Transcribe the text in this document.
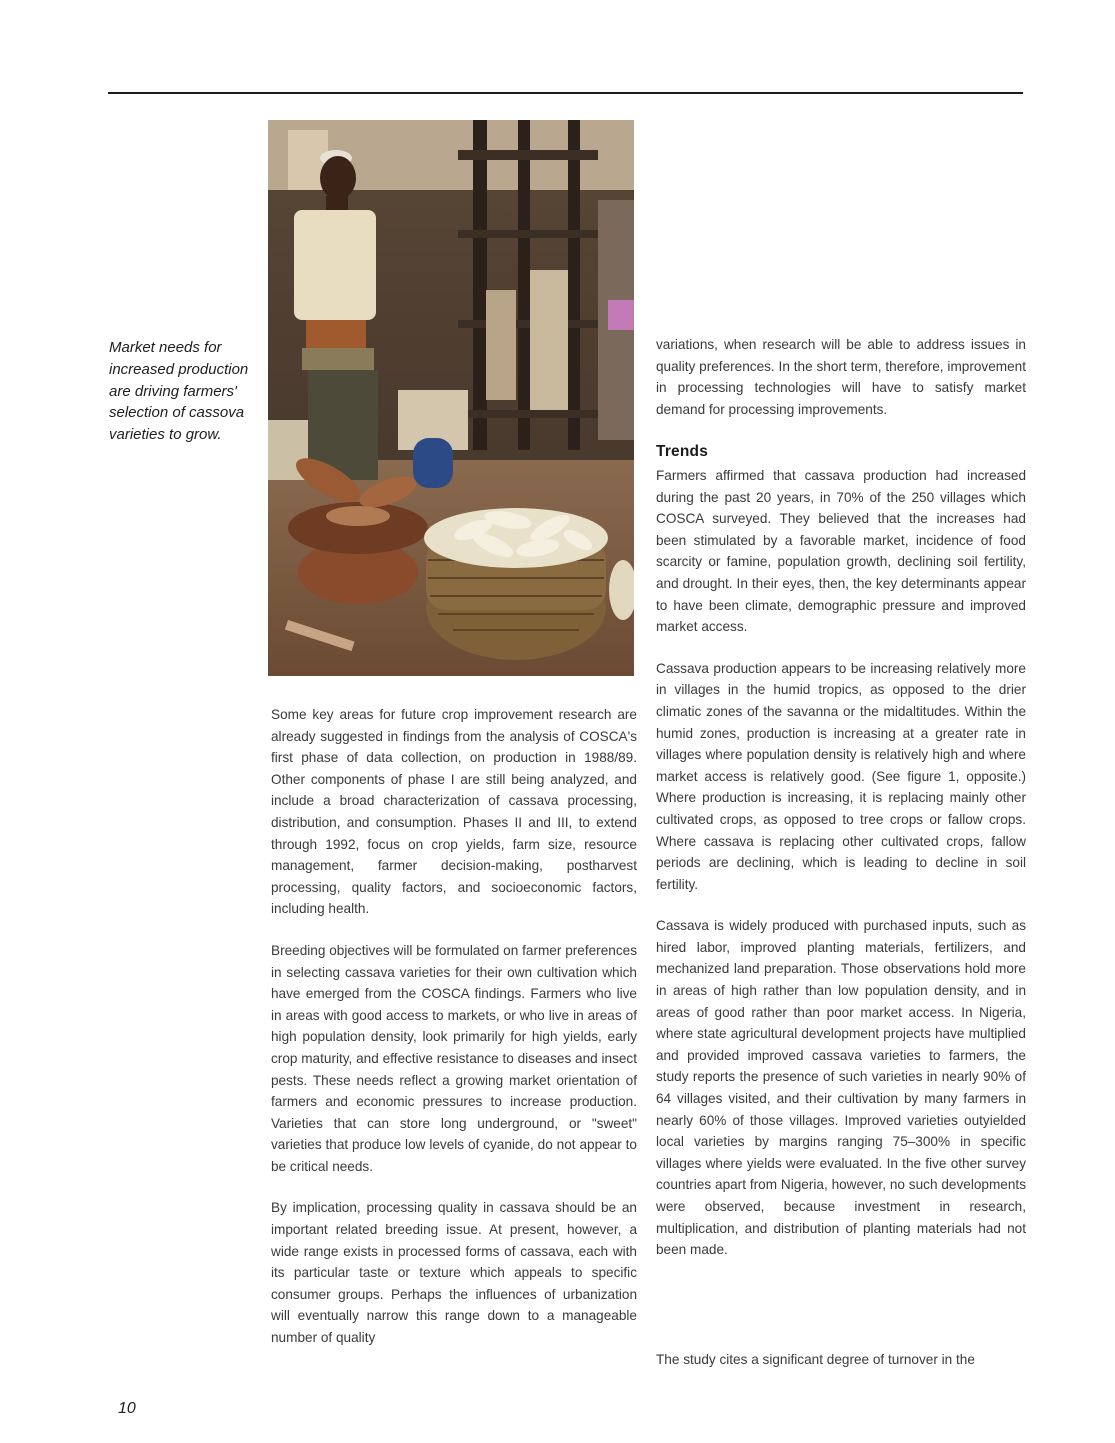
Market needs for increased production are driving farmers' selection of cassova varieties to grow.

Some key areas for future crop improvement research are already suggested in findings from the analysis of COSCA's first phase of data collection, on production in 1988/89. Other components of phase I are still being analyzed, and include a broad characterization of cassava processing, distribution, and consumption. Phases II and III, to extend through 1992, focus on crop yields, farm size, resource management, farmer decision-making, postharvest processing, quality factors, and socioeconomic factors, including health.

Breeding objectives will be formulated on farmer preferences in selecting cassava varieties for their own cultivation which have emerged from the COSCA findings. Farmers who live in areas with good access to markets, or who live in areas of high population density, look primarily for high yields, early crop maturity, and effective resistance to diseases and insect pests. These needs reflect a growing market orientation of farmers and economic pressures to increase production. Varieties that can store long underground, or "sweet" varieties that produce low levels of cyanide, do not appear to be critical needs.

By implication, processing quality in cassava should be an important related breeding issue. At present, however, a wide range exists in processed forms of cassava, each with its particular taste or texture which appeals to specific consumer groups. Perhaps the influences of urbanization will eventually narrow this range down to a manageable number of quality

variations, when research will be able to address issues in quality preferences. In the short term, therefore, improvement in processing technologies will have to satisfy market demand for processing improvements.

Trends

Farmers affirmed that cassava production had increased during the past 20 years, in 70% of the 250 villages which COSCA surveyed. They believed that the increases had been stimulated by a favorable market, incidence of food scarcity or famine, population growth, declining soil fertility, and drought. In their eyes, then, the key determinants appear to have been climate, demographic pressure and improved market access.

Cassava production appears to be increasing relatively more in villages in the humid tropics, as opposed to the drier climatic zones of the savanna or the midaltitudes. Within the humid zones, production is increasing at a greater rate in villages where population density is relatively high and where market access is relatively good. (See figure 1, opposite.) Where production is increasing, it is replacing mainly other cultivated crops, as opposed to tree crops or fallow crops. Where cassava is replacing other cultivated crops, fallow periods are declining, which is leading to decline in soil fertility.

Cassava is widely produced with purchased inputs, such as hired labor, improved planting materials, fertilizers, and mechanized land preparation. Those observations hold more in areas of high rather than low population density, and in areas of good rather than poor market access. In Nigeria, where state agricultural development projects have multiplied and provided improved cassava varieties to farmers, the study reports the presence of such varieties in nearly 90% of 64 villages visited, and their cultivation by many farmers in nearly 60% of those villages. Improved varieties outyielded local varieties by margins ranging 75–300% in specific villages where yields were evaluated. In the five other survey countries apart from Nigeria, however, no such developments were observed, because investment in research, multiplication, and distribution of planting materials had not been made.

The study cites a significant degree of turnover in the

10
